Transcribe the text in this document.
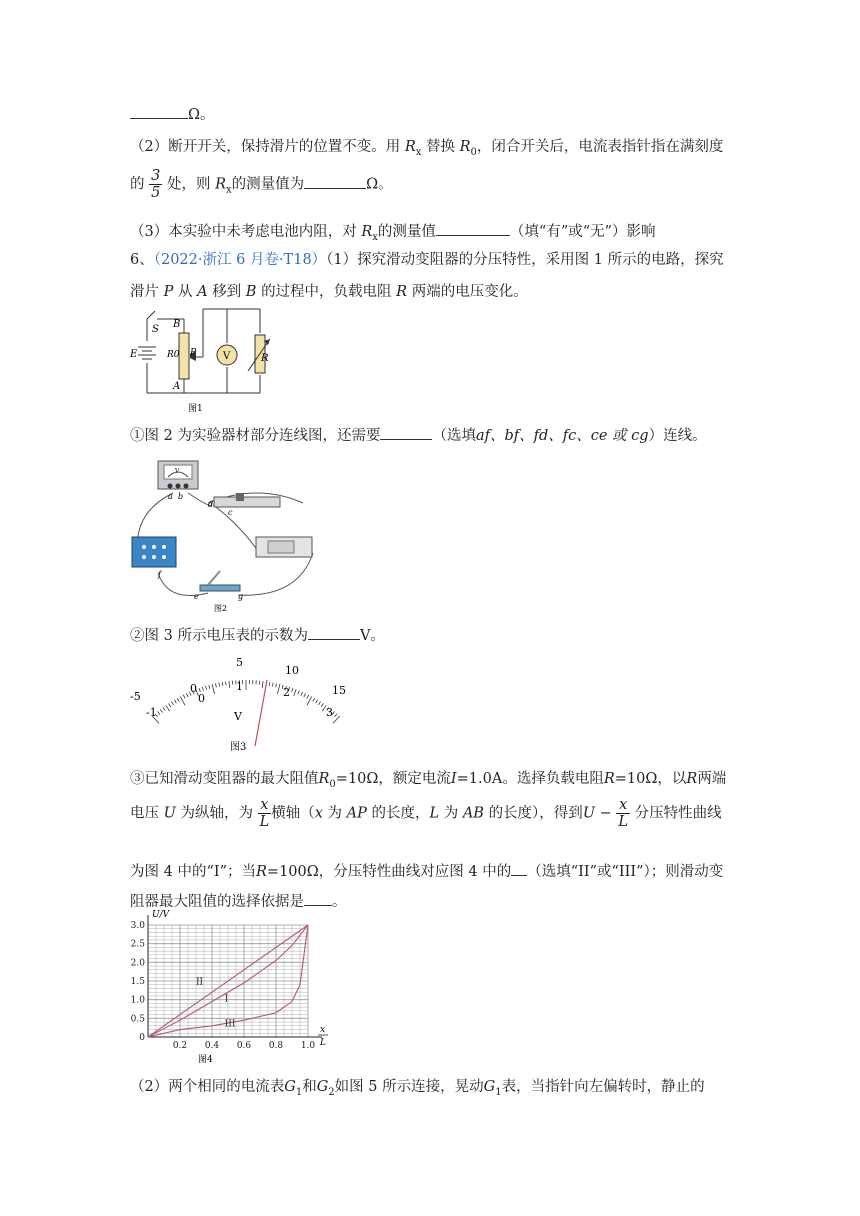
Ω。
（2）断开开关，保持滑片的位置不变。用 $R_x$ 替换 $R_0$，闭合开关后，电流表指针指在满刻度
的 $\frac{3}{5}$ 处，则 $R_x$的测量值为	Ω。
（3）本实验中未考虑电池内阻，对 $R_x$的测量值	（填“有”或“无”）影响
6、（2022·浙江 6 月卷·T18）（1）探究滑动变阻器的分压特性，采用图 1 所示的电路，探究
滑片 P 从 A 移到 B 的过程中，负载电阻 R 两端的电压变化。
S
E
B
A
R0 P	V	R
图1
①图 2 为实验器材部分连线图，还需要	（选填af、bf、fd、fc、ce 或 cg）连线。
V
a b
d
c
f
e	g
图2
②图 3 所示电压表的示数为	V。
-5
0
5
10
15
-1
0
1	2
3
V
图3
③已知滑动变阻器的最大阻值$R_0=10\Omega$，额定电流I=1.0A。选择负载电阻R=10Ω，以R两端
电压 U 为纵轴，为 $\frac{x}{L}$ 横轴（x 为 AP 的长度，L 为 AB 的长度），得到$U - \frac{x}{L}$ 分压特性曲线
为图 4 中的“I”；当R=100Ω，分压特性曲线对应图 4 中的 （选填“II”或“III”）；则滑动变
阻器最大阻值的选择依据是 。
0
0.5
1.0
1.5
2.0
2.5
3.0
0.2 0.4 0.6 0.8 1.0
II
I
III
U/V
x
L
图4
（2）两个相同的电流表$G_1$和$G_2$如图 5 所示连接，晃动$G_1$表，当指针向左偏转时，静止的
